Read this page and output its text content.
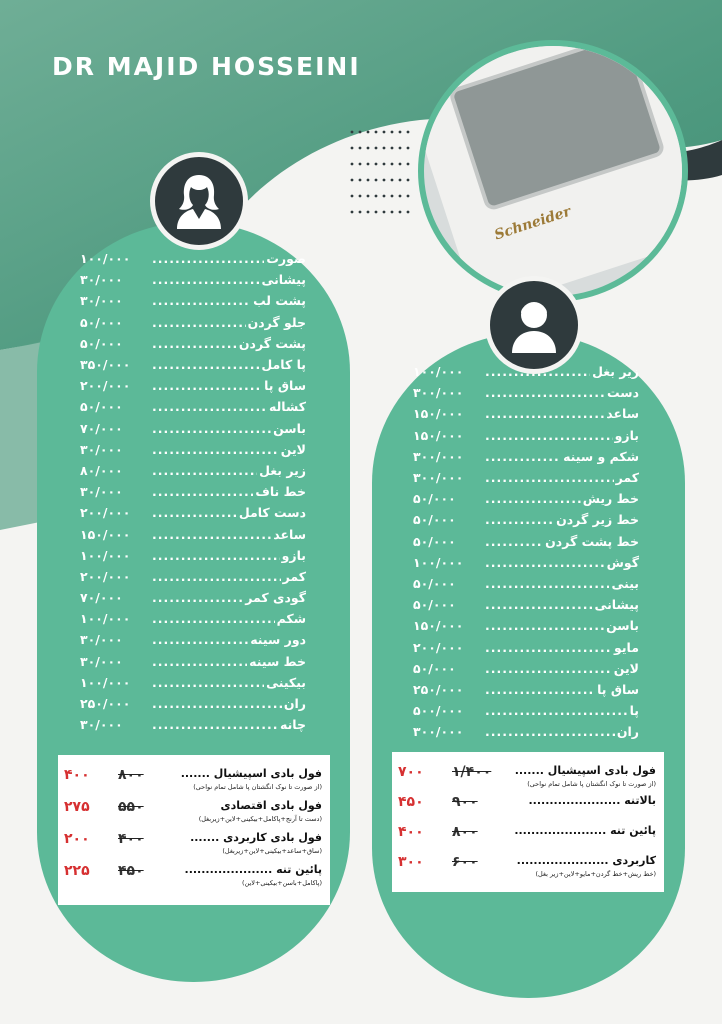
DR MAJID HOSSEINI
Schneider
۱۰۰/۰۰۰ .....	صورت
۳۰/۰۰۰ .....	پیشانی
۳۰/۰۰۰ .....	پشت لب
۵۰/۰۰۰ .....	جلو گردن
۵۰/۰۰۰ .....	پشت گردن
۳۵۰/۰۰۰ .....	پا کامل
۲۰۰/۰۰۰ .....	ساق پا
۵۰/۰۰۰ .....	کشاله
۷۰/۰۰۰ .....	باسن
۳۰/۰۰۰ .....	لاین
۸۰/۰۰۰ .....	زیر بغل
۳۰/۰۰۰ .....	خط ناف
۲۰۰/۰۰۰ .....	دست کامل
۱۵۰/۰۰۰ .....	ساعد
۱۰۰/۰۰۰ .....	بازو
۲۰۰/۰۰۰ .....	کمر
۷۰/۰۰۰ .....	گودی کمر
۱۰۰/۰۰۰ .....	شکم
۳۰/۰۰۰ .....	دور سینه
۳۰/۰۰۰ .....	خط سینه
۱۰۰/۰۰۰ .....	بیکینی
۲۵۰/۰۰۰ .....	ران
۳۰/۰۰۰ .....	چانه
۱۰۰/۰۰۰ .....	زیر بغل
۳۰۰/۰۰۰ .....	دست
۱۵۰/۰۰۰ .....	ساعد
۱۵۰/۰۰۰ .....	بازو
۳۰۰/۰۰۰ .....	شکم و سینه
۳۰۰/۰۰۰ .....	کمر
۵۰/۰۰۰ .....	خط ریش
۵۰/۰۰۰ .....	خط زیر گردن
۵۰/۰۰۰ .....	خط پشت گردن
۱۰۰/۰۰۰ .....	گوش
۵۰/۰۰۰ .....	بینی
۵۰/۰۰۰ .....	پیشانی
۱۵۰/۰۰۰ .....	باسن
۲۰۰/۰۰۰ .....	مایو
۵۰/۰۰۰ .....	لاین
۲۵۰/۰۰۰ .....	ساق پا
۵۰۰/۰۰۰ .....	پا
۳۰۰/۰۰۰ .....	ران
۴۰۰ ۸۰۰	فول بادی اسپیشیال .......
(از صورت تا نوک انگشتان پا شامل تمام نواحی)
۲۷۵ ۵۵۰	فول بادی اقتصادی
(دست تا آرنج+پاکامل+بیکینی+لاین+زیربغل)
۲۰۰ ۴۰۰	فول بادی کاربردی .......
(ساق+ساعد+بیکینی+لاین+زیربغل)
۲۲۵ ۴۵۰	پائین تنه .....................
(پاکامل+باسن+بیکینی+لاین)
۷۰۰ ۱/۴۰۰ فول بادی اسپیشیال .......
(از صورت تا نوک انگشتان پا شامل تمام نواحی)
۴۵۰ ۹۰۰	بالاتنه ......................
۴۰۰ ۸۰۰	پائین تنه ......................
۳۰۰ ۶۰۰	کاربردی ......................
(خط ریش+خط گردن+مایو+لاین+زیر بغل)
